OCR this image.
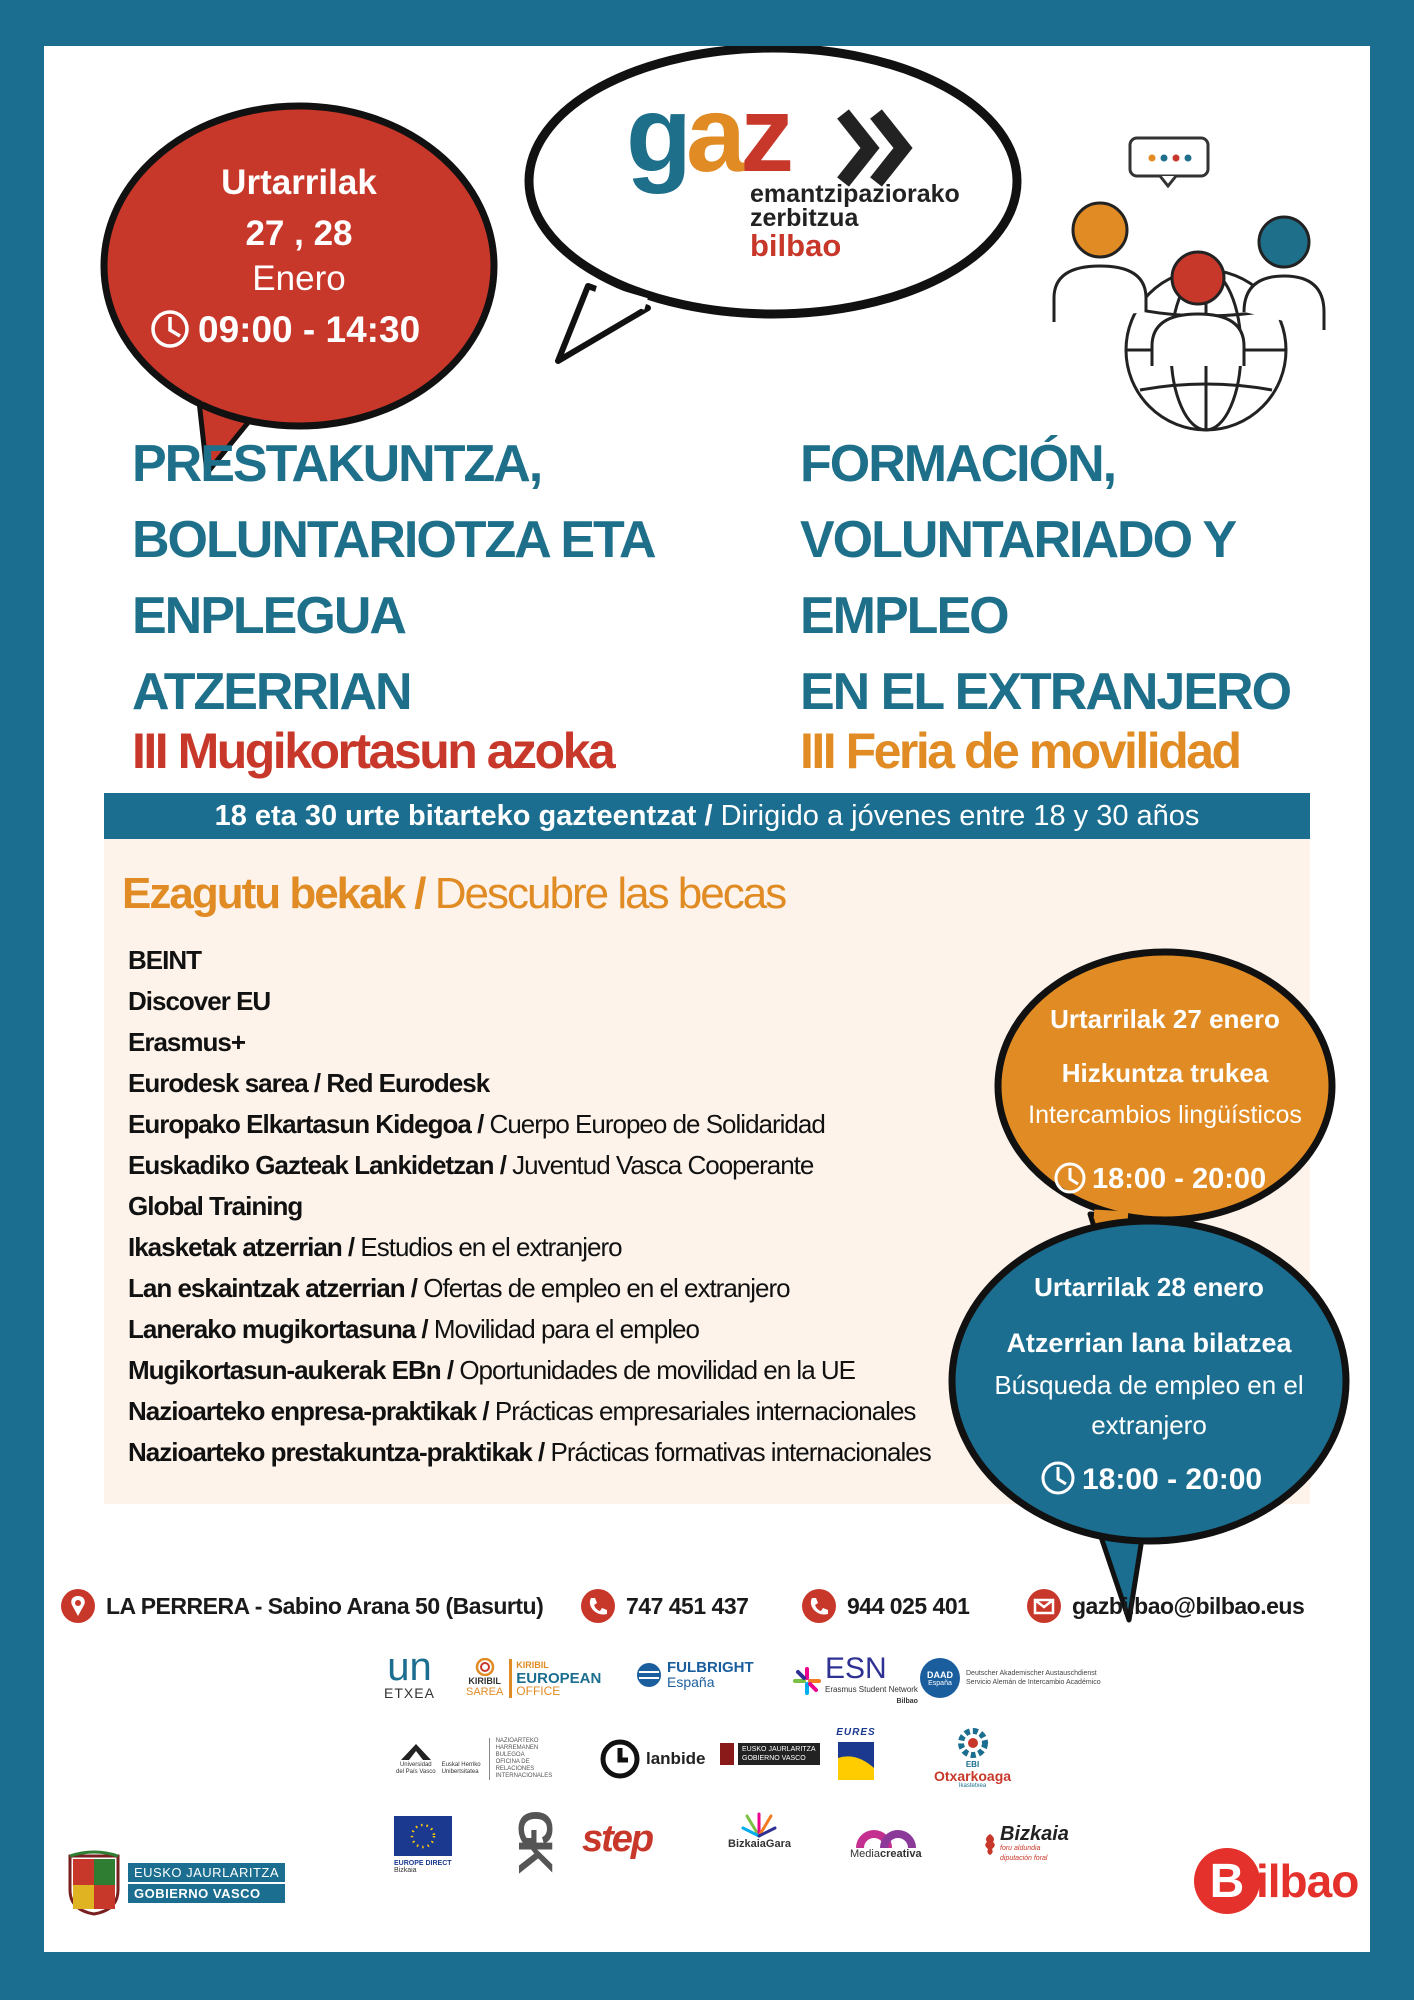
Urtarrilak
27 , 28
Enero
09:00 - 14:30
gaz
emantzipaziorako
zerbitzua
bilbao
PRESTAKUNTZA,
BOLUNTARIOTZA ETA
ENPLEGUA
ATZERRIAN
III Mugikortasun azoka
FORMACIÓN,
VOLUNTARIADO Y
EMPLEO
EN EL EXTRANJERO
III Feria de movilidad
18 eta 30 urte bitarteko gazteentzat / Dirigido a jóvenes entre 18 y 30 años
Ezagutu bekak / Descubre las becas
BEINT
Discover EU
Erasmus+
Eurodesk sarea / Red Eurodesk
Europako Elkartasun Kidegoa / Cuerpo Europeo de Solidaridad
Euskadiko Gazteak Lankidetzan / Juventud Vasca Cooperante
Global Training
Ikasketak atzerrian / Estudios en el extranjero
Lan eskaintzak atzerrian / Ofertas de empleo en el extranjero
Lanerako mugikortasuna / Movilidad para el empleo
Mugikortasun-aukerak EBn / Oportunidades de movilidad en la UE
Nazioarteko enpresa-praktikak / Prácticas empresariales internacionales
Nazioarteko prestakuntza-praktikak / Prácticas formativas internacionales
Urtarrilak 27 enero
Hizkuntza trukea
Intercambios lingüísticos
18:00 - 20:00
Urtarrilak 28 enero
Atzerrian lana bilatzea
Búsqueda de empleo en el
extranjero
18:00 - 20:00
LA PERRERA - Sabino Arana 50 (Basurtu)	747 451 437	944 025 401	gazbilbao@bilbao.eus
un
ETXEA
KIRIBIL
SAREA
KIRIBIL
EUROPEAN
OFFICE
FULBRIGHT
España	ESN
Erasmus Student Network
Bilbao
DAAD
España
Deutscher Akademischer Austauschdienst
Servicio Alemán de Intercambio Académico
Universidad
del País Vasco
Euskal Herriko
Unibertsitatea
NAZIOARTEKO
HARREMANEN
BULEGOA
OFICINA DE
RELACIONES
INTERNACIONALES
lanbide	EUSKO JAURLARITZA
GOBIERNO VASCO
EURES
EBI
Otxarkoaga
Ikastetxea
EUROPE DIRECT
Bizkaia
GK step	BizkaiaGara
Mediacreativa
Bizkaia
foru aldundia
diputación foral
EUSKO JAURLARITZA
GOBIERNO VASCO	B ilbao
